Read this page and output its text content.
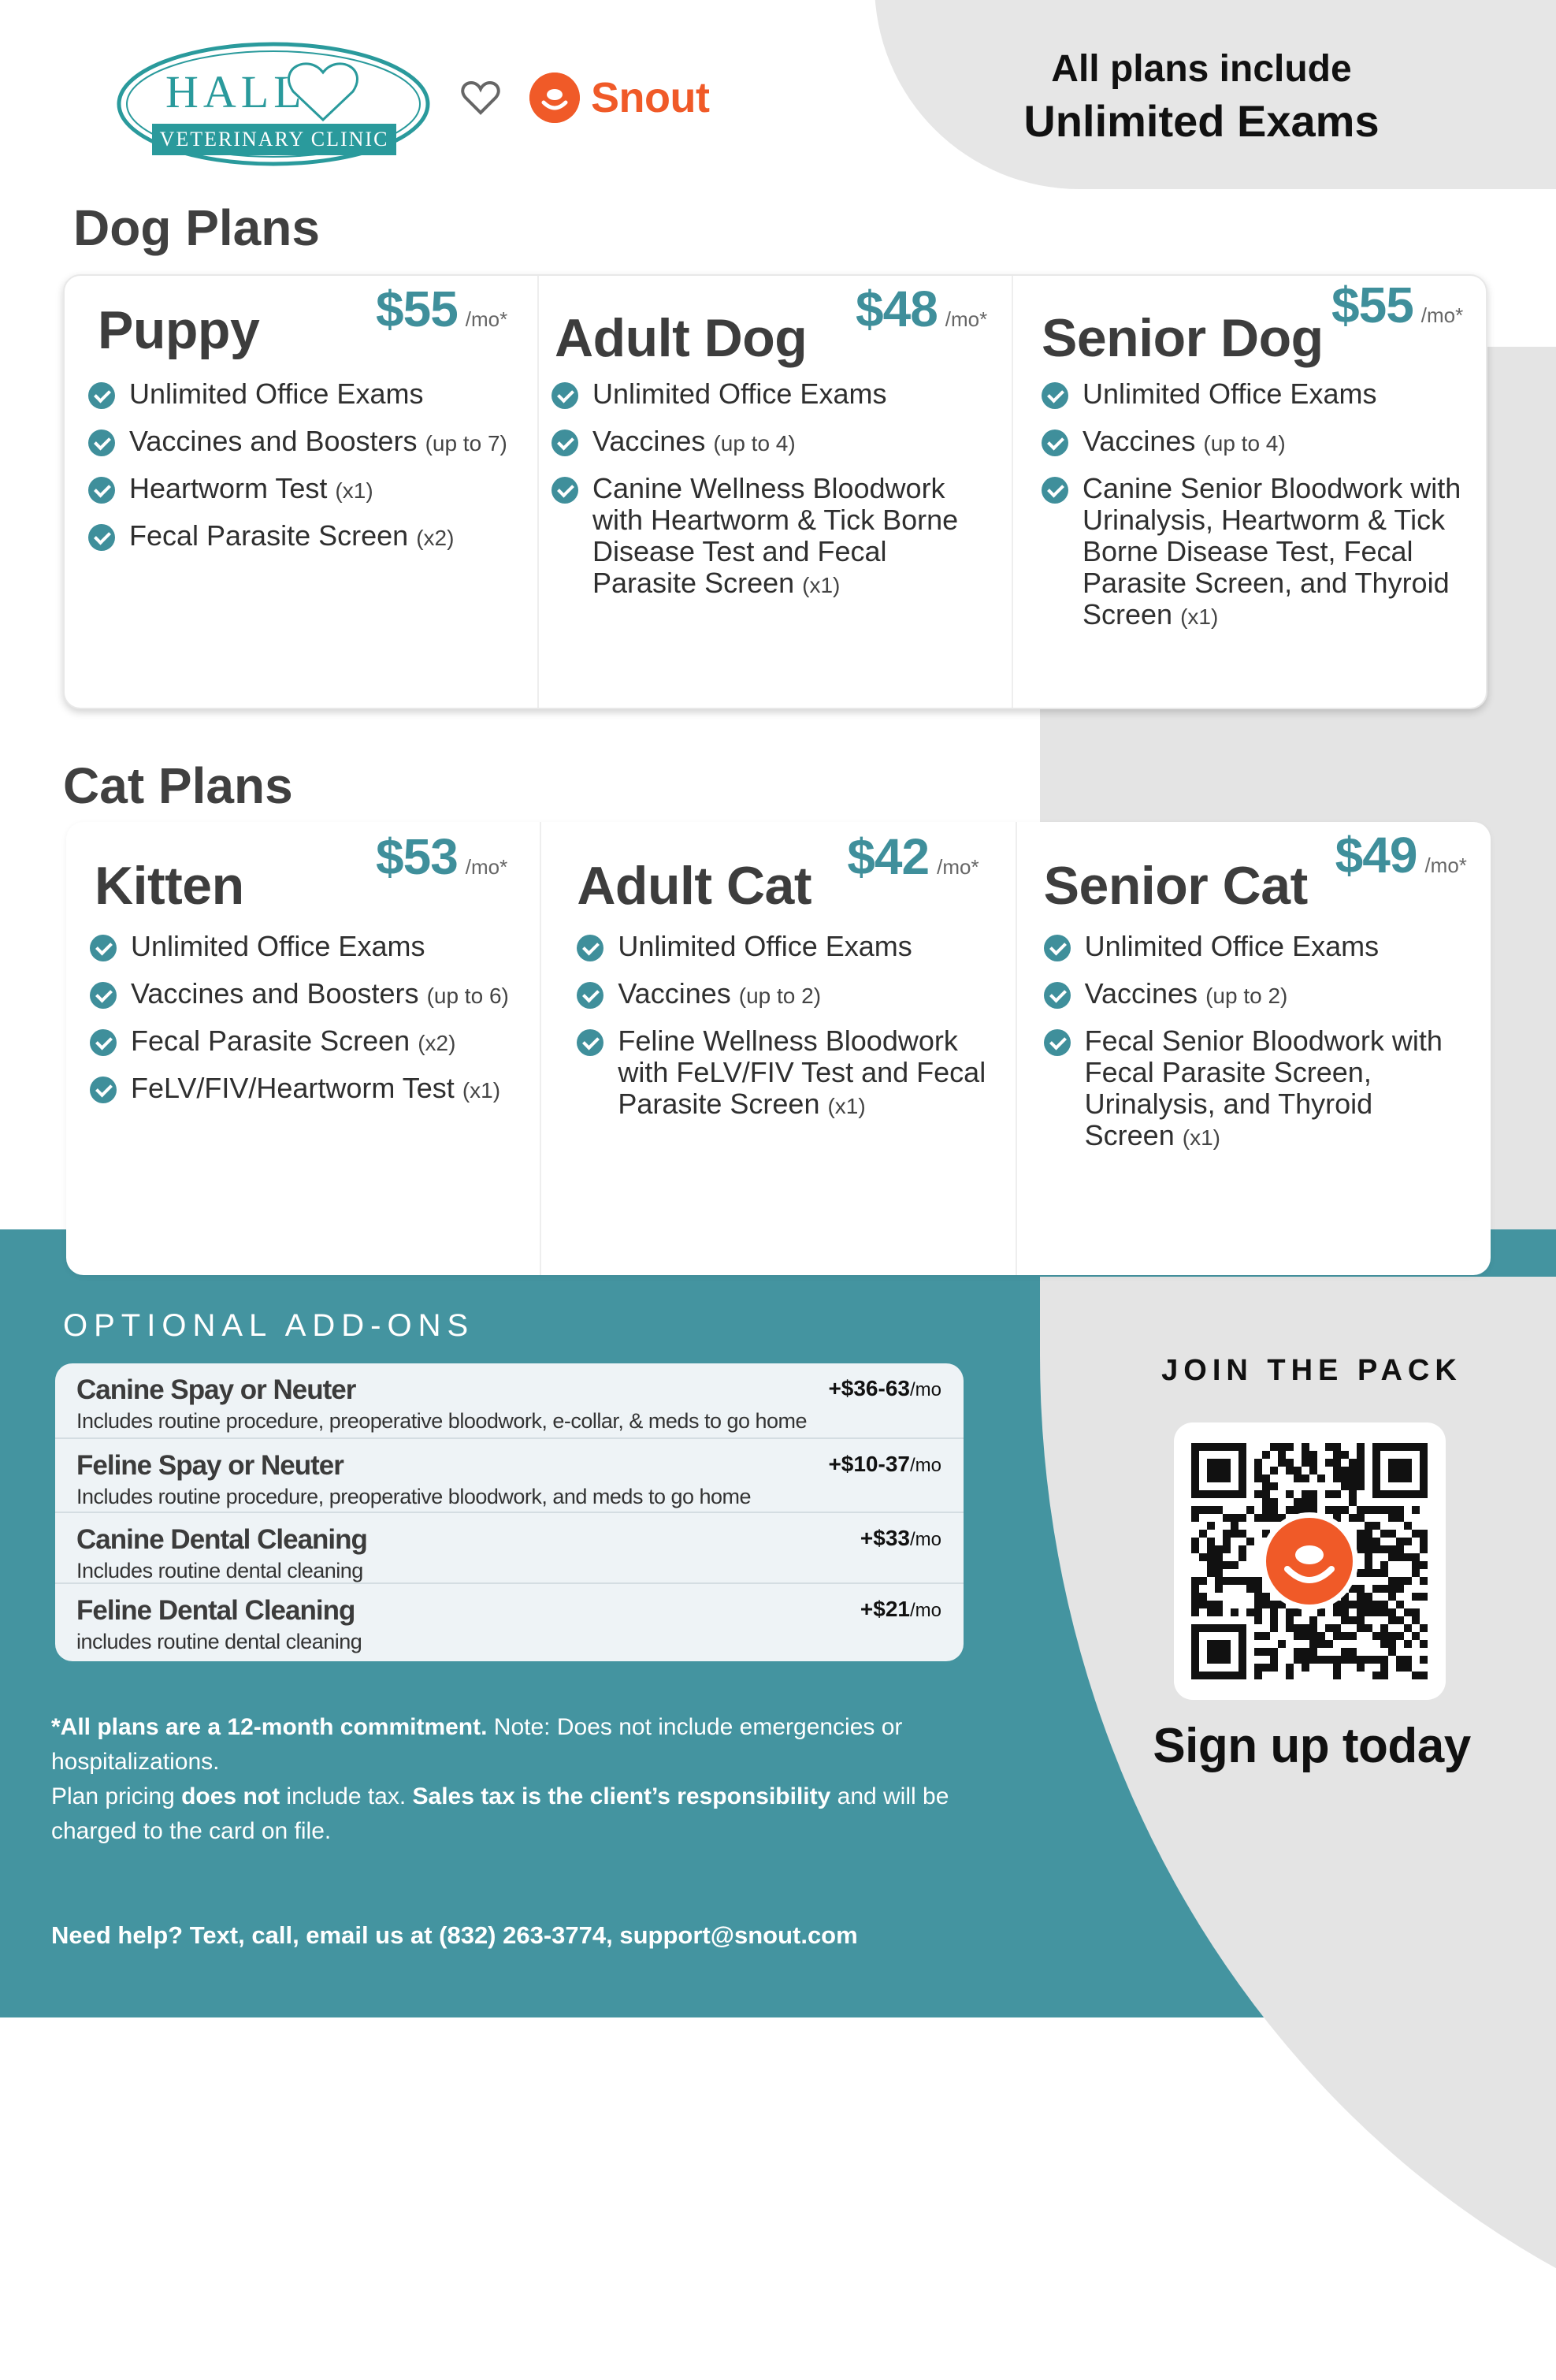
HALL
VETERINARY CLINIC
Snout
All plans include
Unlimited Exams
Dog Plans
Puppy $55 /mo*
Unlimited Office Exams
Vaccines and Boosters (up to 7)
Heartworm Test (x1)
Fecal Parasite Screen (x2)
Adult Dog $48 /mo*
Unlimited Office Exams
Vaccines (up to 4)
Canine Wellness Bloodwork with Heartworm & Tick Borne Disease Test and Fecal Parasite Screen (x1)
Senior Dog
$55 /mo*
Unlimited Office Exams
Vaccines (up to 4)
Canine Senior Bloodwork with Urinalysis, Heartworm & Tick Borne Disease Test, Fecal Parasite Screen, and Thyroid Screen (x1)
Cat Plans
Kitten	$53 /mo*
Unlimited Office Exams
Vaccines and Boosters (up to 6)
Fecal Parasite Screen (x2)
FeLV/FIV/Heartworm Test (x1)
Adult Cat $42 /mo*
Unlimited Office Exams
Vaccines (up to 2)
Feline Wellness Bloodwork with FeLV/FIV Test and Fecal Parasite Screen (x1)
Senior Cat
$49 /mo*
Unlimited Office Exams
Vaccines (up to 2)
Fecal Senior Bloodwork with Fecal Parasite Screen, Urinalysis, and Thyroid Screen (x1)
OPTIONAL ADD-ONS
Canine Spay or Neuter
Includes routine procedure, preoperative bloodwork, e-collar, & meds to go home
+$36-63/mo
Feline Spay or Neuter
Includes routine procedure, preoperative bloodwork, and meds to go home
+$10-37/mo
Canine Dental Cleaning
Includes routine dental cleaning
+$33/mo
Feline Dental Cleaning
includes routine dental cleaning
+$21/mo
*All plans are a 12-month commitment. Note: Does not include emergencies or hospitalizations.
Plan pricing does not include tax. Sales tax is the client’s responsibility and will be charged to the card on file.
Need help? Text, call, email us at (832) 263-3774, support@snout.com
JOIN THE PACK
Sign up today
